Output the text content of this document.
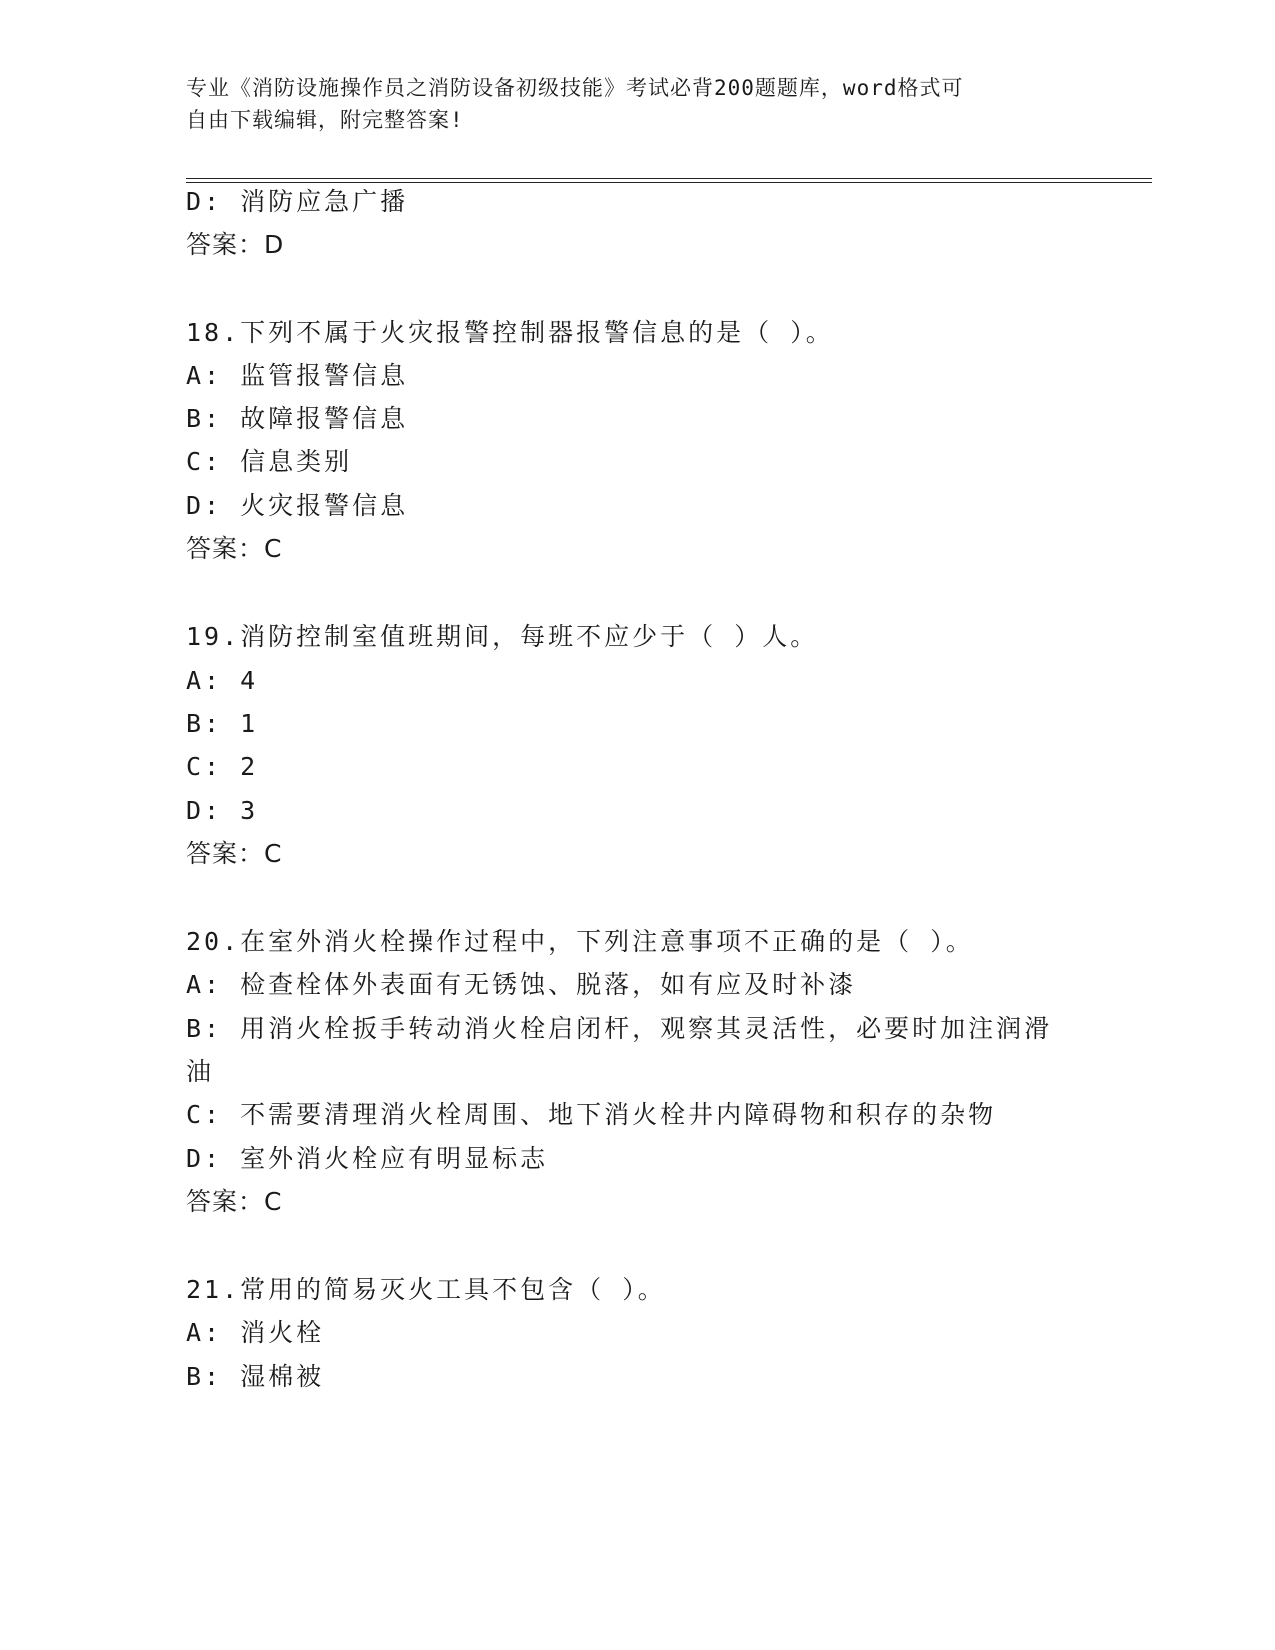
专业《消防设施操作员之消防设备初级技能》考试必背200题题库，word格式可
自由下载编辑，附完整答案!
D: 消防应急广播
答案：D
18.下列不属于火灾报警控制器报警信息的是（ ）。
A: 监管报警信息
B: 故障报警信息
C: 信息类别
D: 火灾报警信息
答案：C
19.消防控制室值班期间，每班不应少于（ ）人。
A: 4
B: 1
C: 2
D: 3
答案：C
20.在室外消火栓操作过程中，下列注意事项不正确的是（ ）。
A: 检查栓体外表面有无锈蚀、脱落，如有应及时补漆
B: 用消火栓扳手转动消火栓启闭杆，观察其灵活性，必要时加注润滑
油
C: 不需要清理消火栓周围、地下消火栓井内障碍物和积存的杂物
D: 室外消火栓应有明显标志
答案：C
21.常用的简易灭火工具不包含（ ）。
A: 消火栓
B: 湿棉被
